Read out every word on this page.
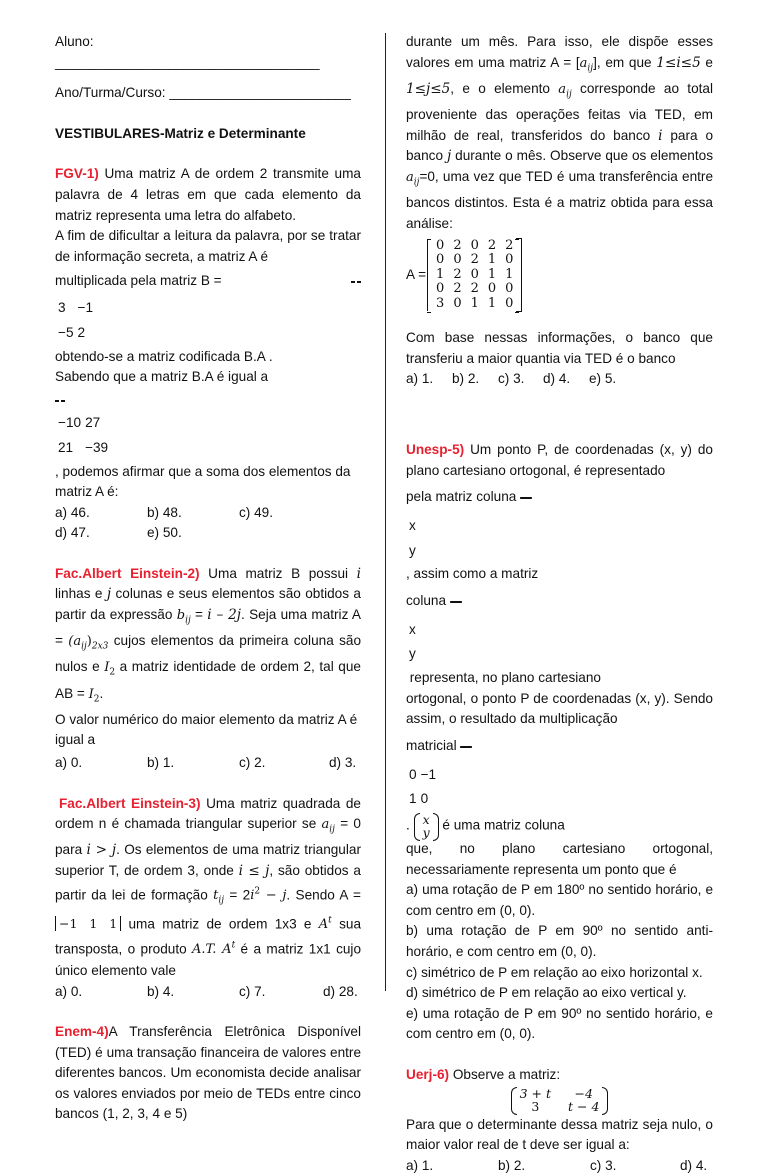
Aluno: ___________________________________

Ano/Turma/Curso: ________________________

VESTIBULARES-Matriz e Determinante

FGV-1) Uma matriz A de ordem 2 transmite uma palavra de 4 letras em que cada elemento da matriz representa uma letra do alfabeto.

A fim de dificultar a leitura da palavra, por se tratar de informação secreta, a matriz A é

multiplicada pela matriz B =

3	−1
−5	2

obtendo-se a matriz codificada B.A .

Sabendo que a matriz B.A é igual a

−10	27
21	−39
, podemos afirmar que a soma dos elementos da matriz A é:

a) 46.	b) 48.	c) 49.
d) 47.	e) 50.

Fac.Albert Einstein-2) Uma matriz B possui i linhas e j colunas e seus elementos são obtidos a partir da expressão $b_{ij} = i - 2j$. Seja uma matriz $A = (a_{ij})_{2x3}$ cujos elementos da primeira coluna são nulos e $I_2$ a matriz identidade de ordem 2, tal que AB = $I_2$.

O valor numérico do maior elemento da matriz A é igual a

a) 0.	b) 1.	c) 2.	d) 3.

Fac.Albert Einstein-3) Uma matriz quadrada de ordem n é chamada triangular superior se $a_{ij} = 0$ para i > j. Os elementos de uma matriz triangular superior T, de ordem 3, onde i ≤ j, são obtidos a partir da lei de formação $t_{ij} = 2i^2 - j$. Sendo A = −1 1 1 uma matriz de ordem 1x3 e $A^t$ sua transposta, o produto A.T. $A^t$ é a matriz 1x1 cujo único elemento vale

a) 0.	b) 4.	c) 7.	d) 28.

Enem-4)A Transferência Eletrônica Disponível (TED) é uma transação financeira de valores entre diferentes bancos. Um economista decide analisar os valores enviados por meio de TEDs entre cinco bancos (1, 2, 3, 4 e 5)

durante um mês. Para isso, ele dispõe esses valores em uma matriz $A = [a_{ij}]$, em que 1≤i≤5 e 1≤j≤5, e o elemento $a_{ij}$ corresponde ao total proveniente das operações feitas via TED, em milhão de real, transferidos do banco i para o banco j durante o mês. Observe que os elementos $a_{ij}=0$, uma vez que TED é uma transferência entre bancos distintos. Esta é a matriz obtida para essa análise:

A =
0	2	0	2	2
0	0	2	1	0
1	2	0	1	1
0	2	2	0	0
3	0	1	1	0

Com base nessas informações, o banco que transferiu a maior quantia via TED é o banco

a) 1.	b) 2.	c) 3.	d) 4.	e) 5.

Unesp-5) Um ponto P, de coordenadas (x, y) do plano cartesiano ortogonal, é representado

pela matriz coluna

x
y
, assim como a matriz

coluna

x
y
representa, no plano cartesiano

ortogonal, o ponto P de coordenadas (x, y). Sendo assim, o resultado da multiplicação

matricial

0	−1
1	0
. x
y é uma matriz coluna

que, no plano cartesiano ortogonal, necessariamente representa um ponto que é

a) uma rotação de P em 180º no sentido horário, e com centro em (0, 0).

b) uma rotação de P em 90º no sentido anti-horário, e com centro em (0, 0).

c) simétrico de P em relação ao eixo horizontal x.

d) simétrico de P em relação ao eixo vertical y.

e) uma rotação de P em 90º no sentido horário, e com centro em (0, 0).

Uerj-6) Observe a matriz:

3 + t	−4
3	t − 4

Para que o determinante dessa matriz seja nulo, o maior valor real de t deve ser igual a:

a) 1.	b) 2.	c) 3.	d) 4.
